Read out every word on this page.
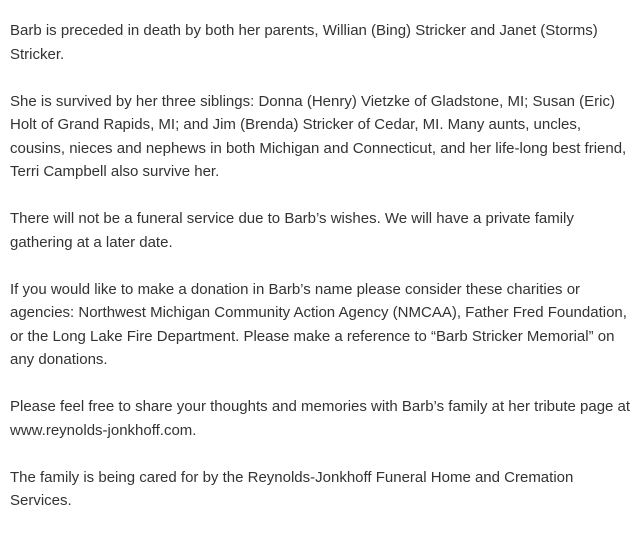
Barb is preceded in death by both her parents, Willian (Bing) Stricker and Janet (Storms) Stricker.

She is survived by her three siblings: Donna (Henry) Vietzke of Gladstone, MI; Susan (Eric) Holt of Grand Rapids, MI; and Jim (Brenda) Stricker of Cedar, MI. Many aunts, uncles, cousins, nieces and nephews in both Michigan and Connecticut, and her life-long best friend, Terri Campbell also survive her.

There will not be a funeral service due to Barb’s wishes. We will have a private family gathering at a later date.

If you would like to make a donation in Barb’s name please consider these charities or agencies: Northwest Michigan Community Action Agency (NMCAA), Father Fred Foundation, or the Long Lake Fire Department. Please make a reference to “Barb Stricker Memorial” on any donations.

Please feel free to share your thoughts and memories with Barb’s family at her tribute page at www.reynolds-jonkhoff.com.

The family is being cared for by the Reynolds-Jonkhoff Funeral Home and Cremation Services.
